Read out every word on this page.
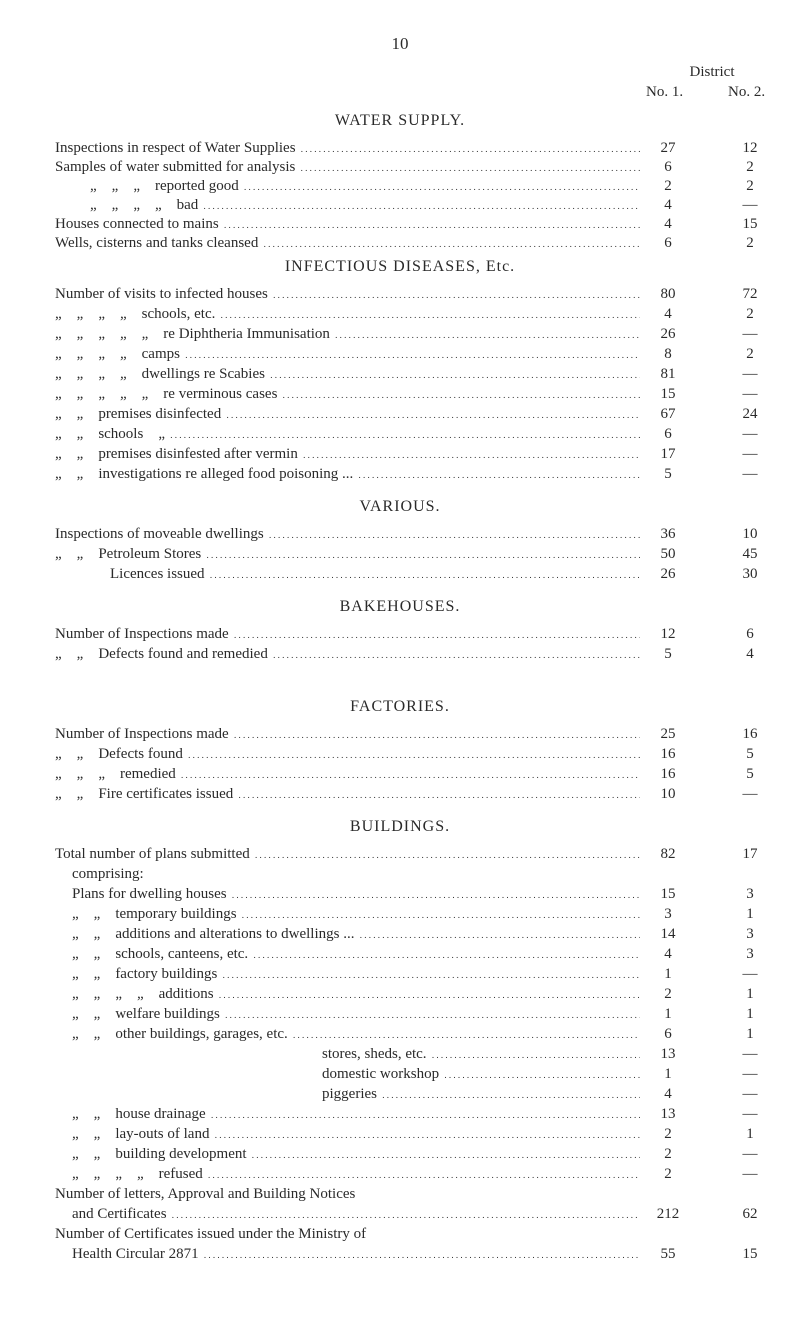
10
District
No. 1.	No. 2.
Inspections in respect of Water Supplies . . .	27	12
Samples of water submitted for analysis . . .	6	2
„    „    „    reported good . . .	2	2
„    „    „    „    bad . . .	4	—
Houses connected to mains . . .	4	15
Wells, cisterns and tanks cleansed . . .	6	2
Number of visits to infected houses . . .	80	72
„    „    „    „    schools, etc. . . .	4	2
„    „    „    „    „    re Diphtheria Immunisation . . .	26	—
„    „    „    „    camps . . .	8	2
„    „    „    „    dwellings re Scabies . . .	81	—
„    „    „    „    „    re verminous cases . . .	15	—
„    „    premises disinfected . . .	67	24
„    „    schools    „ . . .	6	—
„    „    premises disinfested after vermin . . .	17	—
„    „    investigations re alleged food poisoning ... . . .	5	—
Inspections of moveable dwellings . . .	36	10
„    „    Petroleum Stores . . .	50	45
Licences issued . . .	26	30
Number of Inspections made . . .	12	6
„    „    Defects found and remedied . . .	5	4
Number of Inspections made . . .	25	16
„    „    Defects found . . .	16	5
„    „    „    remedied . . .	16	5
„    „    Fire certificates issued . . .	10	—
Total number of plans submitted . . .	82	17
comprising:
Plans for dwelling houses . . .	15	3
„    „    temporary buildings . . .	3	1
„    „    additions and alterations to dwellings ... . . .	14	3
„    „    schools, canteens, etc. . . .	4	3
„    „    factory buildings . . .	1	—
„    „    „    „    additions . . .	2	1
„    „    welfare buildings . . .	1	1
„    „    other buildings, garages, etc. . . .	6	1
stores, sheds, etc. . . .	13	—
domestic workshop . . .	1	—
piggeries . . .	4	—
„    „    house drainage . . .	13	—
„    „    lay-outs of land . . .	2	1
„    „    building development . . .	2	—
„    „    „    „    refused . . .	2	—
Number of letters, Approval and Building Notices
and Certificates . . .	212	62
Number of Certificates issued under the Ministry of
Health Circular 2871 . . .	55	15
WATER SUPPLY.
INFECTIOUS DISEASES, Etc.
VARIOUS.
BAKEHOUSES.
FACTORIES.
BUILDINGS.
